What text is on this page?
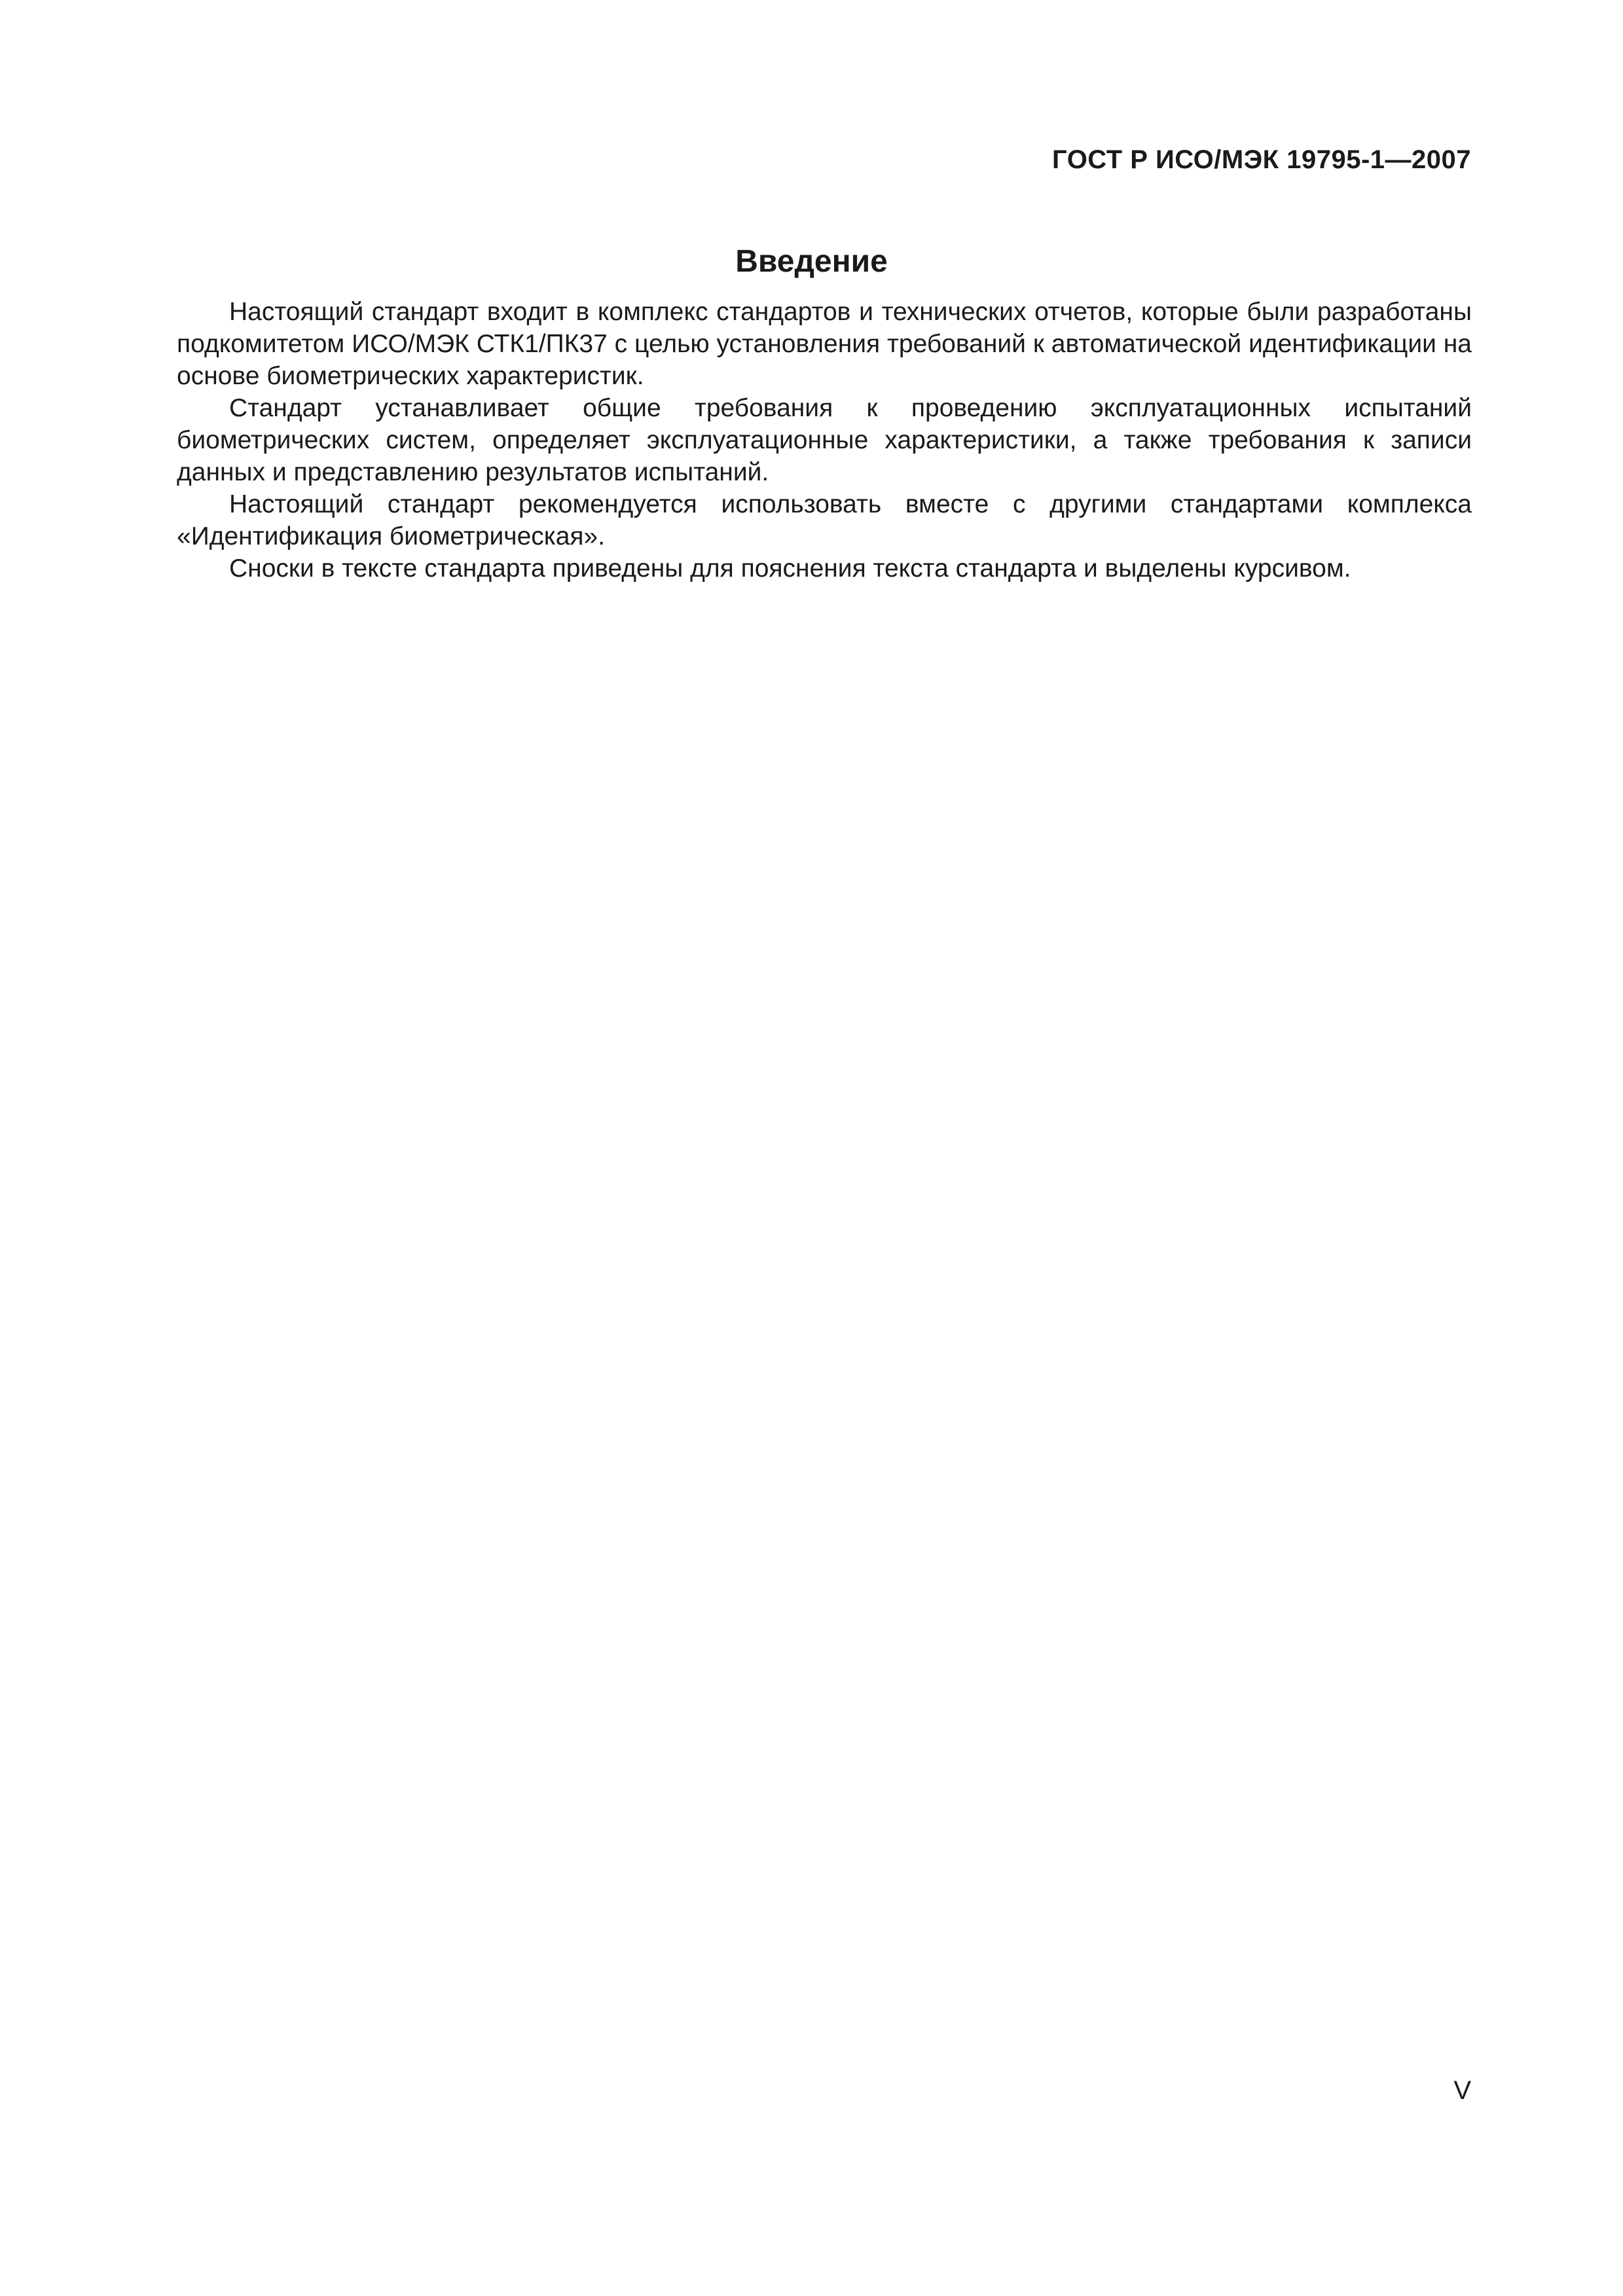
ГОСТ Р ИСО/МЭК 19795-1—2007
Введение

Настоящий стандарт входит в комплекс стандартов и технических отчетов, которые были разработаны подкомитетом ИСО/МЭК СТК1/ПК37 с целью установления требований к автоматической идентификации на основе биометрических характеристик.

Стандарт устанавливает общие требования к проведению эксплуатационных испытаний биометрических систем, определяет эксплуатационные характеристики, а также требования к записи данных и представлению результатов испытаний.

Настоящий стандарт рекомендуется использовать вместе с другими стандартами комплекса «Идентификация биометрическая».

Сноски в тексте стандарта приведены для пояснения текста стандарта и выделены курсивом.

V
